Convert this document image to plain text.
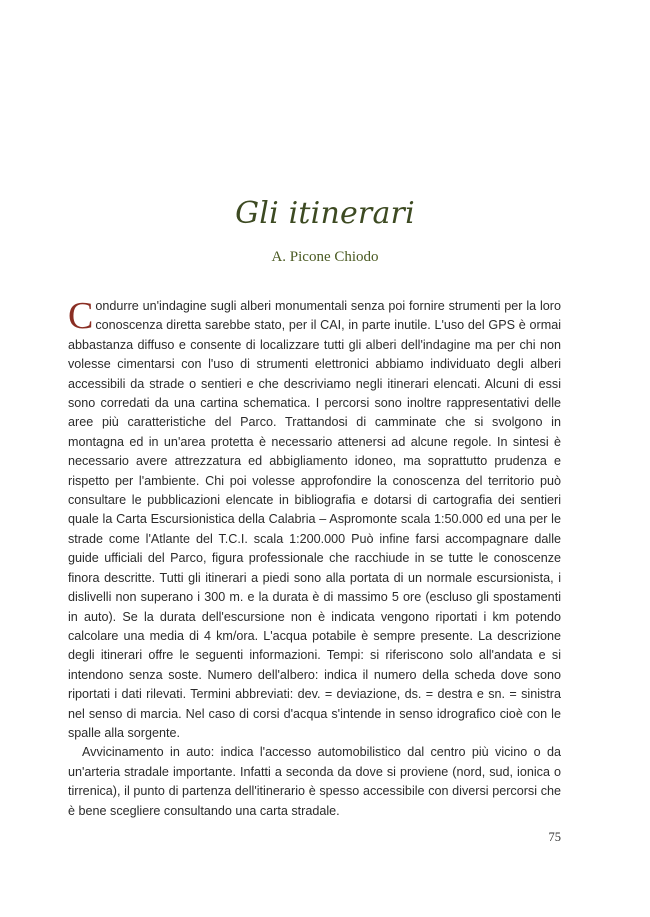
Gli itinerari
A. Picone Chiodo

Condurre un'indagine sugli alberi monumentali senza poi fornire strumenti per la loro conoscenza diretta sarebbe stato, per il CAI, in parte inutile. L'uso del GPS è ormai abbastanza diffuso e consente di localizzare tutti gli alberi dell'indagine ma per chi non volesse cimentarsi con l'uso di strumenti elettronici abbiamo individuato degli alberi accessibili da strade o sentieri e che descriviamo negli itinerari elencati. Alcuni di essi sono corredati da una cartina schematica. I percorsi sono inoltre rappresentativi delle aree più caratteristiche del Parco. Trattandosi di camminate che si svolgono in montagna ed in un'area protetta è necessario attenersi ad alcune regole. In sintesi è necessario avere attrezzatura ed abbigliamento idoneo, ma soprattutto prudenza e rispetto per l'ambiente. Chi poi volesse approfondire la conoscenza del territorio può consultare le pubblicazioni elencate in bibliografia e dotarsi di cartografia dei sentieri quale la Carta Escursionistica della Calabria – Aspromonte scala 1:50.000 ed una per le strade come l'Atlante del T.C.I. scala 1:200.000 Può infine farsi accompagnare dalle guide ufficiali del Parco, figura professionale che racchiude in se tutte le conoscenze finora descritte. Tutti gli itinerari a piedi sono alla portata di un normale escursionista, i dislivelli non superano i 300 m. e la durata è di massimo 5 ore (escluso gli spostamenti in auto). Se la durata dell'escursione non è indicata vengono riportati i km potendo calcolare una media di 4 km/ora. L'acqua potabile è sempre presente. La descrizione degli itinerari offre le seguenti informazioni. Tempi: si riferiscono solo all'andata e si intendono senza soste. Numero dell'albero: indica il numero della scheda dove sono riportati i dati rilevati. Termini abbreviati: dev. = deviazione, ds. = destra e sn. = sinistra nel senso di marcia. Nel caso di corsi d'acqua s'intende in senso idrografico cioè con le spalle alla sorgente.

Avvicinamento in auto: indica l'accesso automobilistico dal centro più vicino o da un'arteria stradale importante. Infatti a seconda da dove si proviene (nord, sud, ionica o tirrenica), il punto di partenza dell'itinerario è spesso accessibile con diversi percorsi che è bene scegliere consultando una carta stradale.

75
